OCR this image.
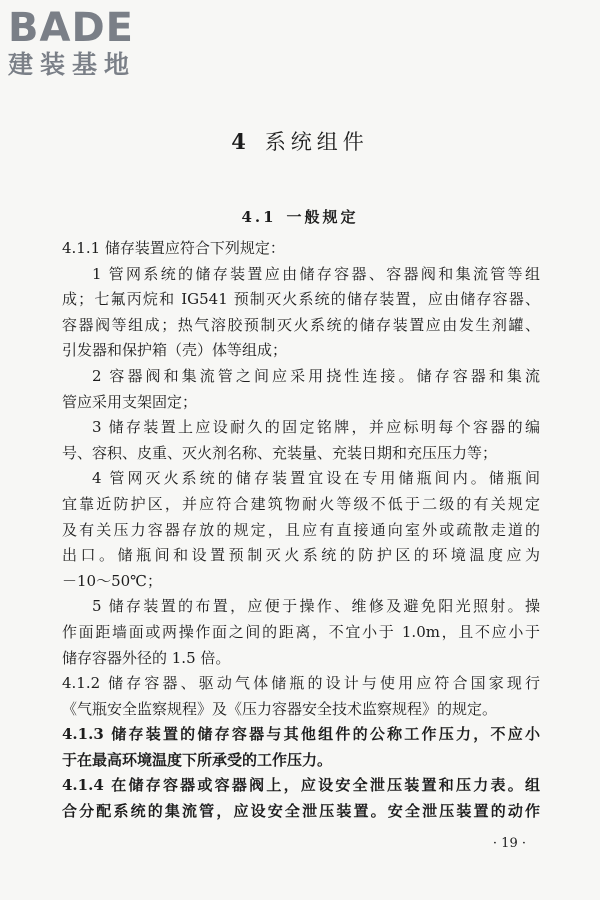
BADE
建装基地
4 系统组件
4.1 一般规定
4.1.1 储存装置应符合下列规定：
1 管网系统的储存装置应由储存容器、容器阀和集流管等组
成；七氟丙烷和 IG541 预制灭火系统的储存装置，应由储存容器、
容器阀等组成；热气溶胶预制灭火系统的储存装置应由发生剂罐、
引发器和保护箱（壳）体等组成；
2 容器阀和集流管之间应采用挠性连接。储存容器和集流
管应采用支架固定；
3 储存装置上应设耐久的固定铭牌，并应标明每个容器的编
号、容积、皮重、灭火剂名称、充装量、充装日期和充压压力等；
4 管网灭火系统的储存装置宜设在专用储瓶间内。储瓶间
宜靠近防护区，并应符合建筑物耐火等级不低于二级的有关规定
及有关压力容器存放的规定，且应有直接通向室外或疏散走道的
出口。储瓶间和设置预制灭火系统的防护区的环境温度应为
－10～50℃；
5 储存装置的布置，应便于操作、维修及避免阳光照射。操
作面距墙面或两操作面之间的距离，不宜小于 1.0m，且不应小于
储存容器外径的 1.5 倍。
4.1.2 储存容器、驱动气体储瓶的设计与使用应符合国家现行
《气瓶安全监察规程》及《压力容器安全技术监察规程》的规定。
4.1.3 储存装置的储存容器与其他组件的公称工作压力，不应小
于在最高环境温度下所承受的工作压力。
4.1.4 在储存容器或容器阀上，应设安全泄压装置和压力表。组
合分配系统的集流管，应设安全泄压装置。安全泄压装置的动作
· 19 ·
